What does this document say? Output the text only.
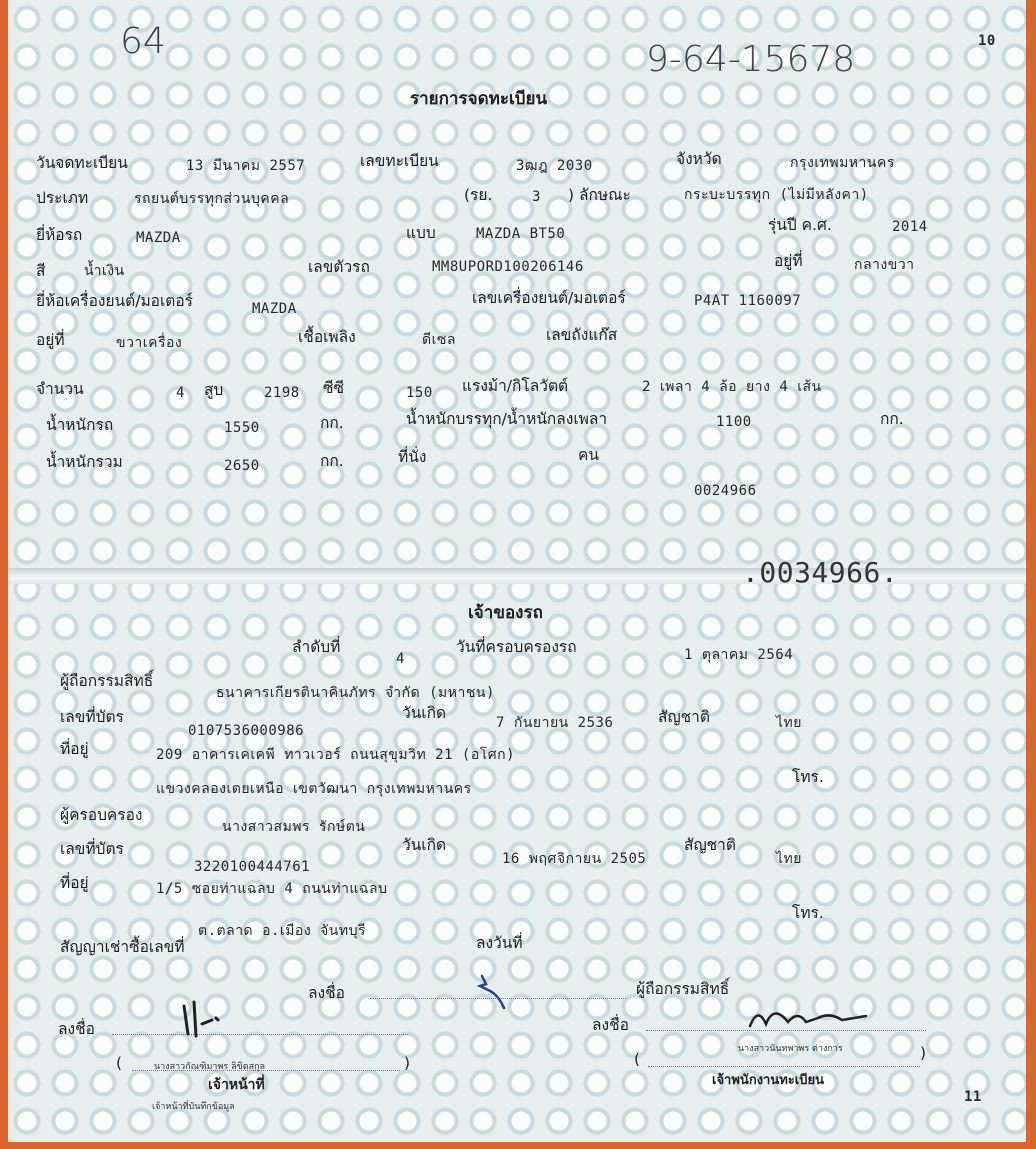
64	9-64-15678	10
รายการจดทะเบียน
วันจดทะเบียน	13 มีนาคม 2557	เลขทะเบียน	3ฒฎ 2030	จังหวัด	กรุงเทพมหานคร
ประเภท	รถยนต์บรรทุกส่วนบุคคล	(รย.	3 ) ลักษณะ	กระบะบรรทุก (ไม่มีหลังคา)
ยี่ห้อรถ	MAZDA	แบบ	MAZDA BT50	รุ่นปี ค.ศ.	2014
สี	น้ำเงิน	เลขตัวรถ	MM8UPORD100206146	อยู่ที่	กลางขวา
ยี่ห้อเครื่องยนต์/มอเตอร์	MAZDA
เลขเครื่องยนต์/มอเตอร์	P4AT 1160097
อยู่ที่	ขวาเครื่อง	เชื้อเพลิง	ดีเซล	เลขถังแก๊ส
จำนวน	4 สูบ	2198 ซีซี	150 แรงม้า/กิโลวัตต์	2 เพลา 4 ล้อ ยาง 4 เส้น
น้ำหนักรถ	1550	กก.	น้ำหนักบรรทุก/น้ำหนักลงเพลา	1100	กก.
น้ำหนักรวม	2650	กก.	ที่นั่ง	คน
0024966
.0034966.
เจ้าของรถ
ลำดับที่
4
วันที่ครอบครองรถ	1 ตุลาคม 2564
ผู้ถือกรรมสิทธิ์
ธนาคารเกียรตินาคินภัทร จำกัด (มหาชน)
เลขที่บัตร
0107536000986
วันเกิด
7 กันยายน 2536	สัญชาติ	ไทย
ที่อยู่	209 อาคารเคเคพี ทาวเวอร์ ถนนสุขุมวิท 21 (อโศก)
โทร.
แขวงคลองเตยเหนือ เขตวัฒนา กรุงเทพมหานคร
ผู้ครอบครอง
นางสาวสมพร รักษ์ตน
เลขที่บัตร
3220100444761
วันเกิด
16 พฤศจิกายน 2505
สัญชาติ
ไทย
ที่อยู่	1/5 ซอยท่าแฉลบ 4 ถนนท่าแฉลบ
โทร.
ต.ตลาด อ.เมือง จันทบุรี
สัญญาเช่าซื้อเลขที่	ลงวันที่
ลงชื่อ	ผู้ถือกรรมสิทธิ์
ลงชื่อ	ลงชื่อ
(	นางสาวกัณฑิมาพร ลิขิตสกุล	)
เจ้าหน้าที่
เจ้าหน้าที่บันทึกข้อมูล
(
นางสาวนันทพาพร ต่างการ	)
เจ้าพนักงานทะเบียน
11
